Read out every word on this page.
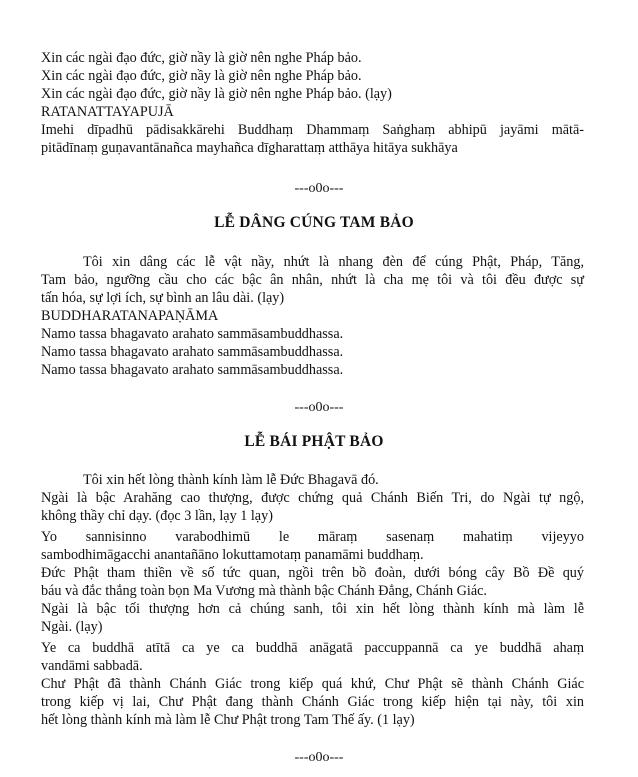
Xin các ngài đạo đức, giờ nầy là giờ nên nghe Pháp bảo.
Xin các ngài đạo đức, giờ nầy là giờ nên nghe Pháp bảo.
Xin các ngài đạo đức, giờ nầy là giờ nên nghe Pháp bảo. (lạy)
RATANATTAYAPUJĀ
Imehi dīpadhū pādisakkārehi Buddhaṃ Dhammaṃ Saṅghaṃ abhipū jayāmi mātā-
pitādīnaṃ guṇavantānañca mayhañca dīgharattaṃ atthāya hitāya sukhāya
---o0o---
LỄ DÂNG CÚNG TAM BẢO
Tôi xin dâng các lễ vật nầy, nhứt là nhang đèn để cúng Phật, Pháp, Tăng,
Tam bảo, ngưỡng cầu cho các bậc ân nhân, nhứt là cha mẹ tôi và tôi đều được sự
tấn hóa, sự lợi ích, sự bình an lâu dài. (lạy)
BUDDHARATANAPAṆĀMA
Namo tassa bhagavato arahato sammāsambuddhassa.
Namo tassa bhagavato arahato sammāsambuddhassa.
Namo tassa bhagavato arahato sammāsambuddhassa.
---o0o---
LỄ BÁI PHẬT BẢO
Tôi xin hết lòng thành kính làm lễ Đức Bhagavā đó.
Ngài là bậc Arahăng cao thượng, được chứng quả Chánh Biến Tri, do Ngài tự ngộ,
không thầy chỉ dạy. (đọc 3 lần, lạy 1 lạy)
Yo sannisinno varabodhimū le māraṃ sasenaṃ mahatiṃ vijeyyo
sambodhimāgacchi anantañāno lokuttamotaṃ panamāmi buddhaṃ.
Đức Phật tham thiền về số tức quan, ngồi trên bồ đoàn, dưới bóng cây Bồ Đề quý
báu và đắc thắng toàn bọn Ma Vương mà thành bậc Chánh Đẳng, Chánh Giác.
Ngài là bậc tối thượng hơn cả chúng sanh, tôi xin hết lòng thành kính mà làm lễ
Ngài. (lạy)
Ye ca buddhā atītā ca ye ca buddhā anāgatā paccuppannā ca ye buddhā ahaṃ
vandāmi sabbadā.
Chư Phật đã thành Chánh Giác trong kiếp quá khứ, Chư Phật sẽ thành Chánh Giác
trong kiếp vị lai, Chư Phật đang thành Chánh Giác trong kiếp hiện tại này, tôi xin
hết lòng thành kính mà làm lễ Chư Phật trong Tam Thế ấy. (1 lạy)
---o0o---
